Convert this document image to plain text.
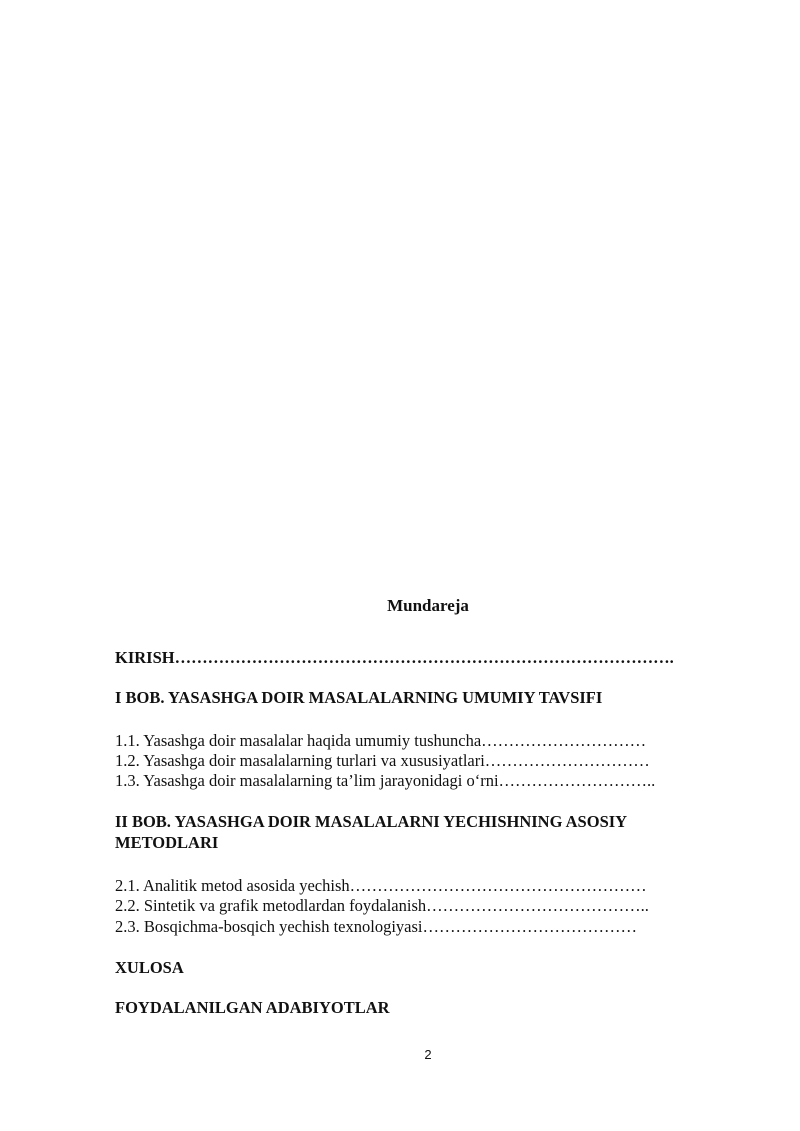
Mundareja
KIRISH……………………………………………………………………………….
I BOB. YASASHGA DOIR MASALALARNING UMUMIY TAVSIFI
1.1. Yasashga doir masalalar haqida umumiy tushuncha…………………………
1.2. Yasashga doir masalalarning turlari va xususiyatlari…………………………
1.3. Yasashga doir masalalarning ta’lim jarayonidagi o‘rni………………………..
II BOB. YASASHGA DOIR MASALALARNI YECHISHNING ASOSIY
METODLARI
2.1. Analitik metod asosida yechish………………………………………………
2.2. Sintetik va grafik metodlardan foydalanish…………………………………..
2.3. Bosqichma-bosqich yechish texnologiyasi…………………………………
XULOSA
FOYDALANILGAN ADABIYOTLAR
2
